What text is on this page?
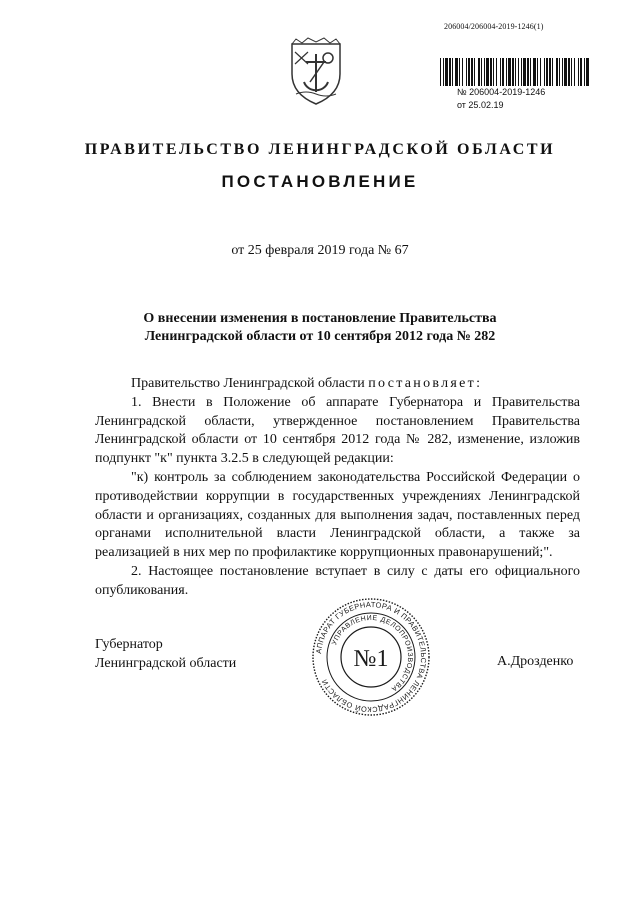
206004/206004-2019-1246(1)
№ 206004-2019-1246
от 25.02.19
ПРАВИТЕЛЬСТВО ЛЕНИНГРАДСКОЙ ОБЛАСТИ
ПОСТАНОВЛЕНИЕ
от 25 февраля 2019 года № 67
О внесении изменения в постановление Правительства
Ленинградской области от 10 сентября 2012 года № 282

Правительство Ленинградской области постановляет:

1. Внести в Положение об аппарате Губернатора и Правительства Ленинградской области, утвержденное постановлением Правительства Ленинградской области от 10 сентября 2012 года № 282, изменение, изложив подпункт "к" пункта 3.2.5 в следующей редакции:

"к) контроль за соблюдением законодательства Российской Федерации о противодействии коррупции в государственных учреждениях Ленинградской области и организациях, созданных для выполнения задач, поставленных перед органами исполнительной власти Ленинградской области, а также за реализацией в них мер по профилактике коррупционных правонарушений;".

2. Настоящее постановление вступает в силу с даты его официального опубликования.

Губернатор
Ленинградской области	А.Дрозденко
АППАРАТ ГУБЕРНАТОРА И ПРАВИТЕЛЬСТВА ЛЕНИНГРАДСКОЙ ОБЛАСТИ
УПРАВЛЕНИЕ ДЕЛОПРОИЗВОДСТВА
№1
